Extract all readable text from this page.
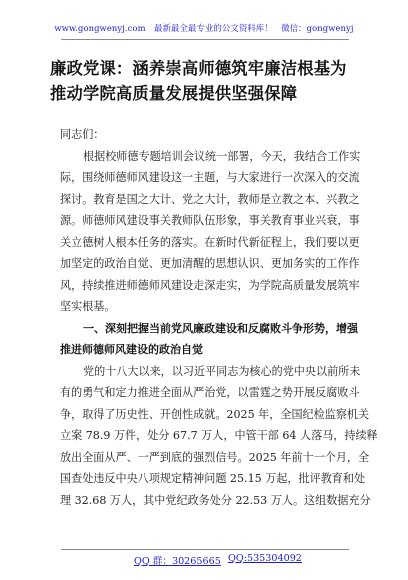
www.gongwenyj.com　最新最全最专业的公文资料库！　微信：gongwenyj
廉政党课：涵养崇高师德筑牢廉洁根基为
推动学院高质量发展提供坚强保障
同志们：
根据校师德专题培训会议统一部署，今天，我结合工作实
际，围绕师德师风建设这一主题，与大家进行一次深入的交流
探讨。教育是国之大计、党之大计，教师是立教之本、兴教之
源。师德师风建设事关教师队伍形象，事关教育事业兴衰，事
关立德树人根本任务的落实。在新时代新征程上，我们要以更
加坚定的政治自觉、更加清醒的思想认识、更加务实的工作作
风，持续推进师德师风建设走深走实，为学院高质量发展筑牢
坚实根基。
一、深刻把握当前党风廉政建设和反腐败斗争形势，增强
推进师德师风建设的政治自觉
党的十八大以来，以习近平同志为核心的党中央以前所未
有的勇气和定力推进全面从严治党，以雷霆之势开展反腐败斗
争，取得了历史性、开创性成就。2025 年，全国纪检监察机关
立案 78.9 万件，处分 67.7 万人，中管干部 64 人落马，持续释
放出全面从严、一严到底的强烈信号。2025 年前十一个月，全
国查处违反中央八项规定精神问题 25.15 万起，批评教育和处
理 32.68 万人，其中党纪政务处分 22.53 万人。这组数据充分
QQ 群：30265665 QQ:535304092
